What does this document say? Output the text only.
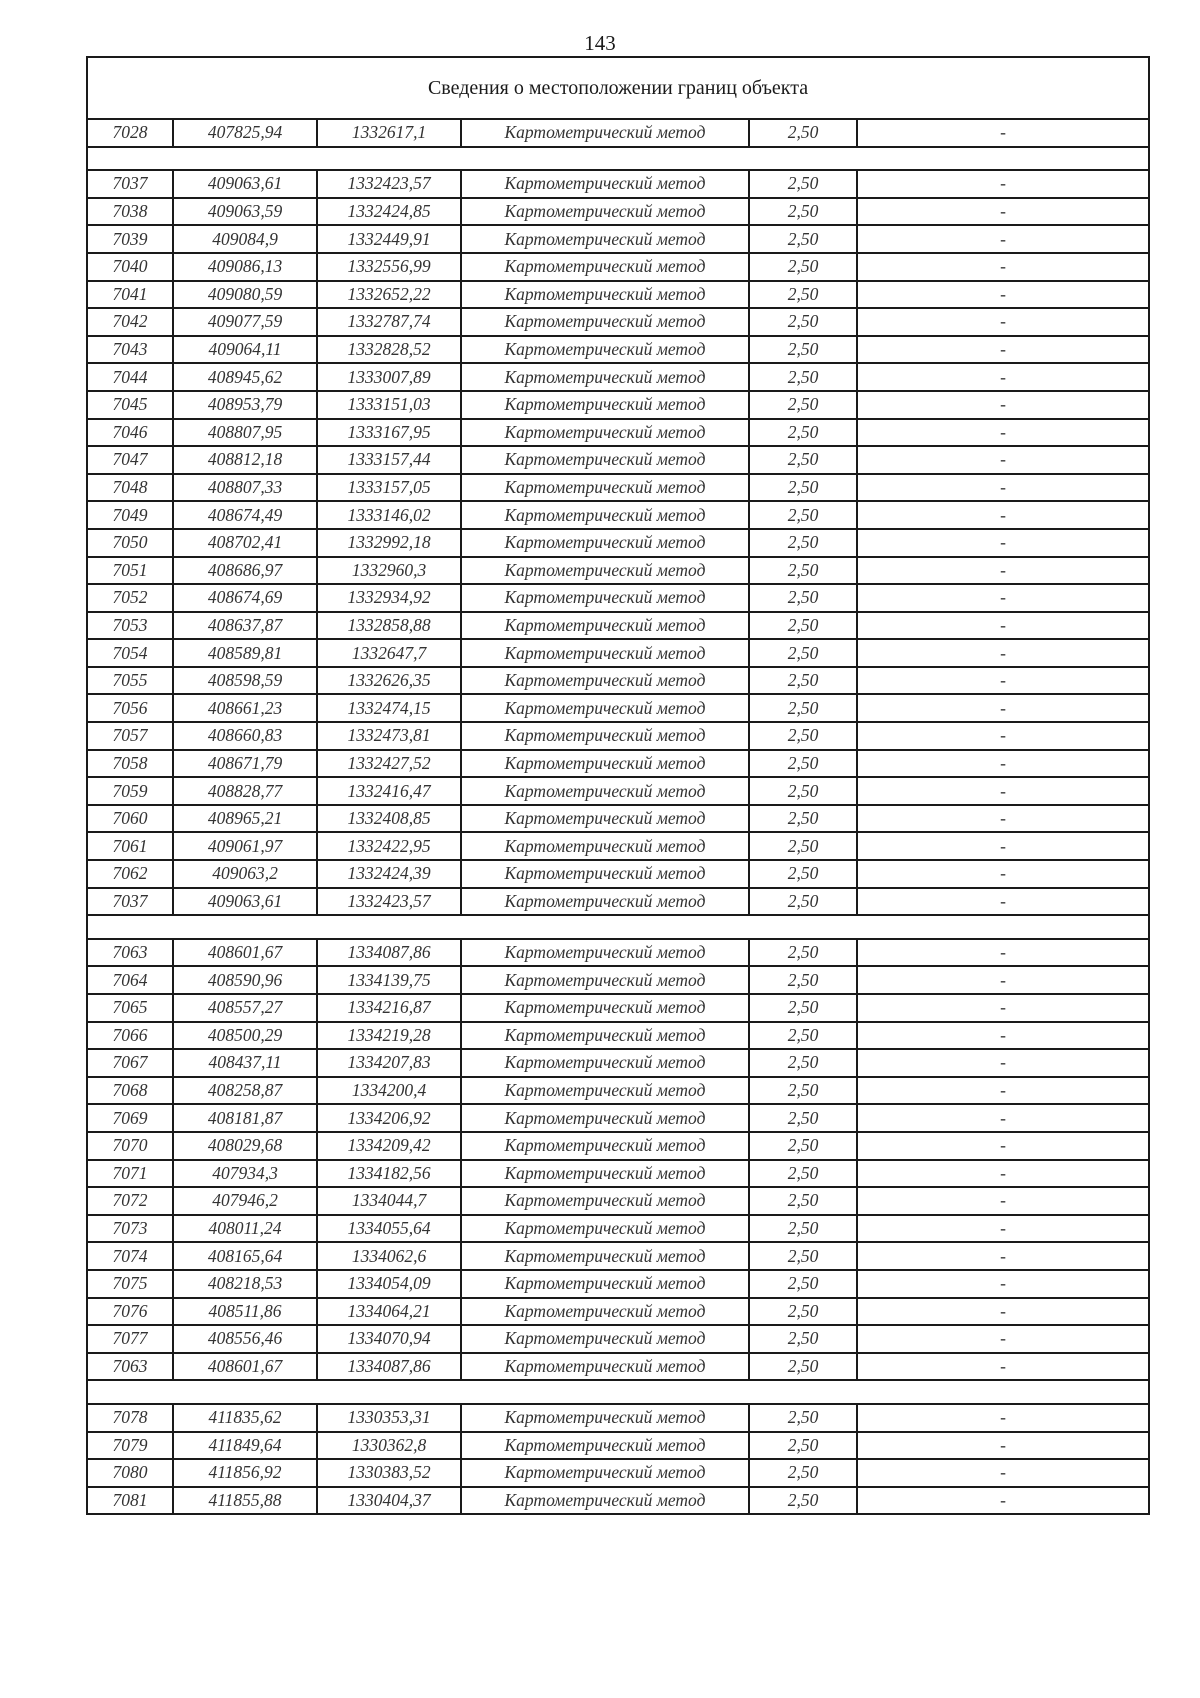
143
Сведения о местоположении границ объекта					
7028	407825,94	1332617,1	Картометрический метод	2,50	-

7037	409063,61	1332423,57	Картометрический метод	2,50	-
7038	409063,59	1332424,85	Картометрический метод	2,50	-
7039	409084,9	1332449,91	Картометрический метод	2,50	-
7040	409086,13	1332556,99	Картометрический метод	2,50	-
7041	409080,59	1332652,22	Картометрический метод	2,50	-
7042	409077,59	1332787,74	Картометрический метод	2,50	-
7043	409064,11	1332828,52	Картометрический метод	2,50	-
7044	408945,62	1333007,89	Картометрический метод	2,50	-
7045	408953,79	1333151,03	Картометрический метод	2,50	-
7046	408807,95	1333167,95	Картометрический метод	2,50	-
7047	408812,18	1333157,44	Картометрический метод	2,50	-
7048	408807,33	1333157,05	Картометрический метод	2,50	-
7049	408674,49	1333146,02	Картометрический метод	2,50	-
7050	408702,41	1332992,18	Картометрический метод	2,50	-
7051	408686,97	1332960,3	Картометрический метод	2,50	-
7052	408674,69	1332934,92	Картометрический метод	2,50	-
7053	408637,87	1332858,88	Картометрический метод	2,50	-
7054	408589,81	1332647,7	Картометрический метод	2,50	-
7055	408598,59	1332626,35	Картометрический метод	2,50	-
7056	408661,23	1332474,15	Картометрический метод	2,50	-
7057	408660,83	1332473,81	Картометрический метод	2,50	-
7058	408671,79	1332427,52	Картометрический метод	2,50	-
7059	408828,77	1332416,47	Картометрический метод	2,50	-
7060	408965,21	1332408,85	Картометрический метод	2,50	-
7061	409061,97	1332422,95	Картометрический метод	2,50	-
7062	409063,2	1332424,39	Картометрический метод	2,50	-
7037	409063,61	1332423,57	Картометрический метод	2,50	-

7063	408601,67	1334087,86	Картометрический метод	2,50	-
7064	408590,96	1334139,75	Картометрический метод	2,50	-
7065	408557,27	1334216,87	Картометрический метод	2,50	-
7066	408500,29	1334219,28	Картометрический метод	2,50	-
7067	408437,11	1334207,83	Картометрический метод	2,50	-
7068	408258,87	1334200,4	Картометрический метод	2,50	-
7069	408181,87	1334206,92	Картометрический метод	2,50	-
7070	408029,68	1334209,42	Картометрический метод	2,50	-
7071	407934,3	1334182,56	Картометрический метод	2,50	-
7072	407946,2	1334044,7	Картометрический метод	2,50	-
7073	408011,24	1334055,64	Картометрический метод	2,50	-
7074	408165,64	1334062,6	Картометрический метод	2,50	-
7075	408218,53	1334054,09	Картометрический метод	2,50	-
7076	408511,86	1334064,21	Картометрический метод	2,50	-
7077	408556,46	1334070,94	Картометрический метод	2,50	-
7063	408601,67	1334087,86	Картометрический метод	2,50	-

7078	411835,62	1330353,31	Картометрический метод	2,50	-
7079	411849,64	1330362,8	Картометрический метод	2,50	-
7080	411856,92	1330383,52	Картометрический метод	2,50	-
7081	411855,88	1330404,37	Картометрический метод	2,50	-
